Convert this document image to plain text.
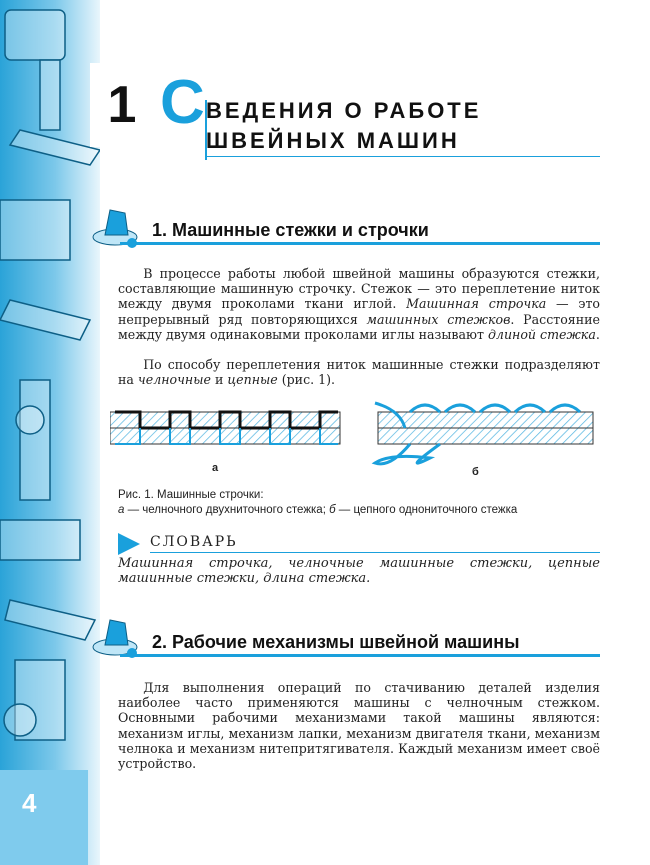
4
1 С ВЕДЕНИЯ О РАБОТЕ
ШВЕЙНЫХ МАШИН
1. Машинные стежки и строчки
В процессе работы любой швейной машины образуются стежки, составляющие машинную строчку. Стежок — это переплетение ниток между двумя проколами ткани иглой. Машинная строчка — это непрерывный ряд повторяющихся машинных стежков. Расстояние между двумя одинаковыми проколами иглы называют длиной стежка.
По способу переплетения ниток машинные стежки подразделяют на челночные и цепные (рис. 1).
а	б
Рис. 1. Машинные строчки:
а — челночного двухниточного стежка; б — цепного однониточного стежка
СЛОВАРЬ
Машинная строчка, челночные машинные стежки, цепные машинные стежки, длина стежка.
2. Рабочие механизмы швейной машины
Для выполнения операций по стачиванию деталей изделия наиболее часто применяются машины с челночным стежком. Основными рабочими механизмами такой машины являются: механизм иглы, механизм лапки, механизм двигателя ткани, механизм челнока и механизм нитепритягивателя. Каждый механизм имеет своё устройство.
